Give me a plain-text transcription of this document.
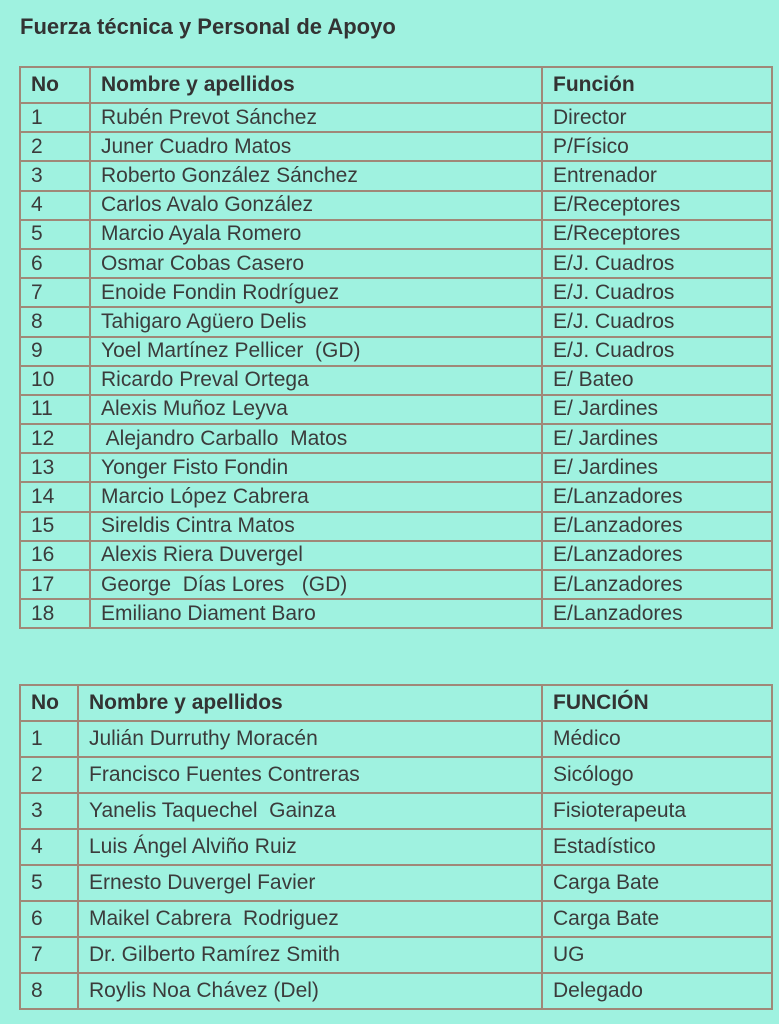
Fuerza técnica y Personal de Apoyo
No	Nombre y apellidos	Función
1	Rubén Prevot Sánchez	Director
2	Juner Cuadro Matos	P/Físico
3	Roberto González Sánchez	Entrenador
4	Carlos Avalo González	E/Receptores
5	Marcio Ayala Romero	E/Receptores
6	Osmar Cobas Casero	E/J. Cuadros
7	Enoide Fondin Rodríguez	E/J. Cuadros
8	Tahigaro Agüero Delis	E/J. Cuadros
9	Yoel Martínez Pellicer  (GD)	E/J. Cuadros
10	Ricardo Preval Ortega	E/ Bateo
11	Alexis Muñoz Leyva	E/ Jardines
12	Alejandro Carballo  Matos	E/ Jardines
13	Yonger Fisto Fondin	E/ Jardines
14	Marcio López Cabrera	E/Lanzadores
15	Sireldis Cintra Matos	E/Lanzadores
16	Alexis Riera Duvergel	E/Lanzadores
17	George  Días Lores   (GD)	E/Lanzadores
18	Emiliano Diament Baro	E/Lanzadores
No	Nombre y apellidos	FUNCIÓN
1	Julián Durruthy Moracén	Médico
2	Francisco Fuentes Contreras	Sicólogo
3	Yanelis Taquechel  Gainza	Fisioterapeuta
4	Luis Ángel Alviño Ruiz	Estadístico
5	Ernesto Duvergel Favier	Carga Bate
6	Maikel Cabrera  Rodriguez	Carga Bate
7	Dr. Gilberto Ramírez Smith	UG
8	Roylis Noa Chávez (Del)	Delegado
